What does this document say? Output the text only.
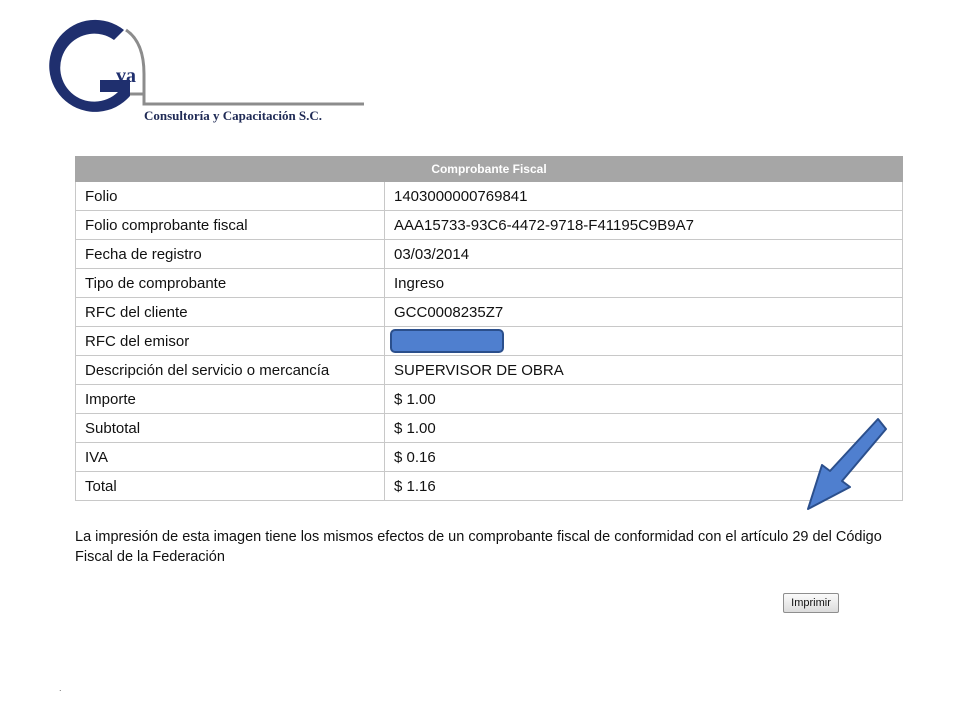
va
Consultoría y Capacitación S.C.
Comprobante Fiscal	
Folio	1403000000769841
Folio comprobante fiscal	AAA15733-93C6-4472-9718-F41195C9B9A7
Fecha de registro	03/03/2014
Tipo de comprobante	Ingreso
RFC del cliente	GCC0008235Z7
RFC del emisor	
Descripción del servicio o mercancía	SUPERVISOR DE OBRA
Importe	$ 1.00
Subtotal	$ 1.00
IVA	$ 0.16
Total	$ 1.16
La impresión de esta imagen tiene los mismos efectos de un comprobante fiscal de conformidad con el artículo 29 del Código Fiscal de la Federación
Imprimir
.
